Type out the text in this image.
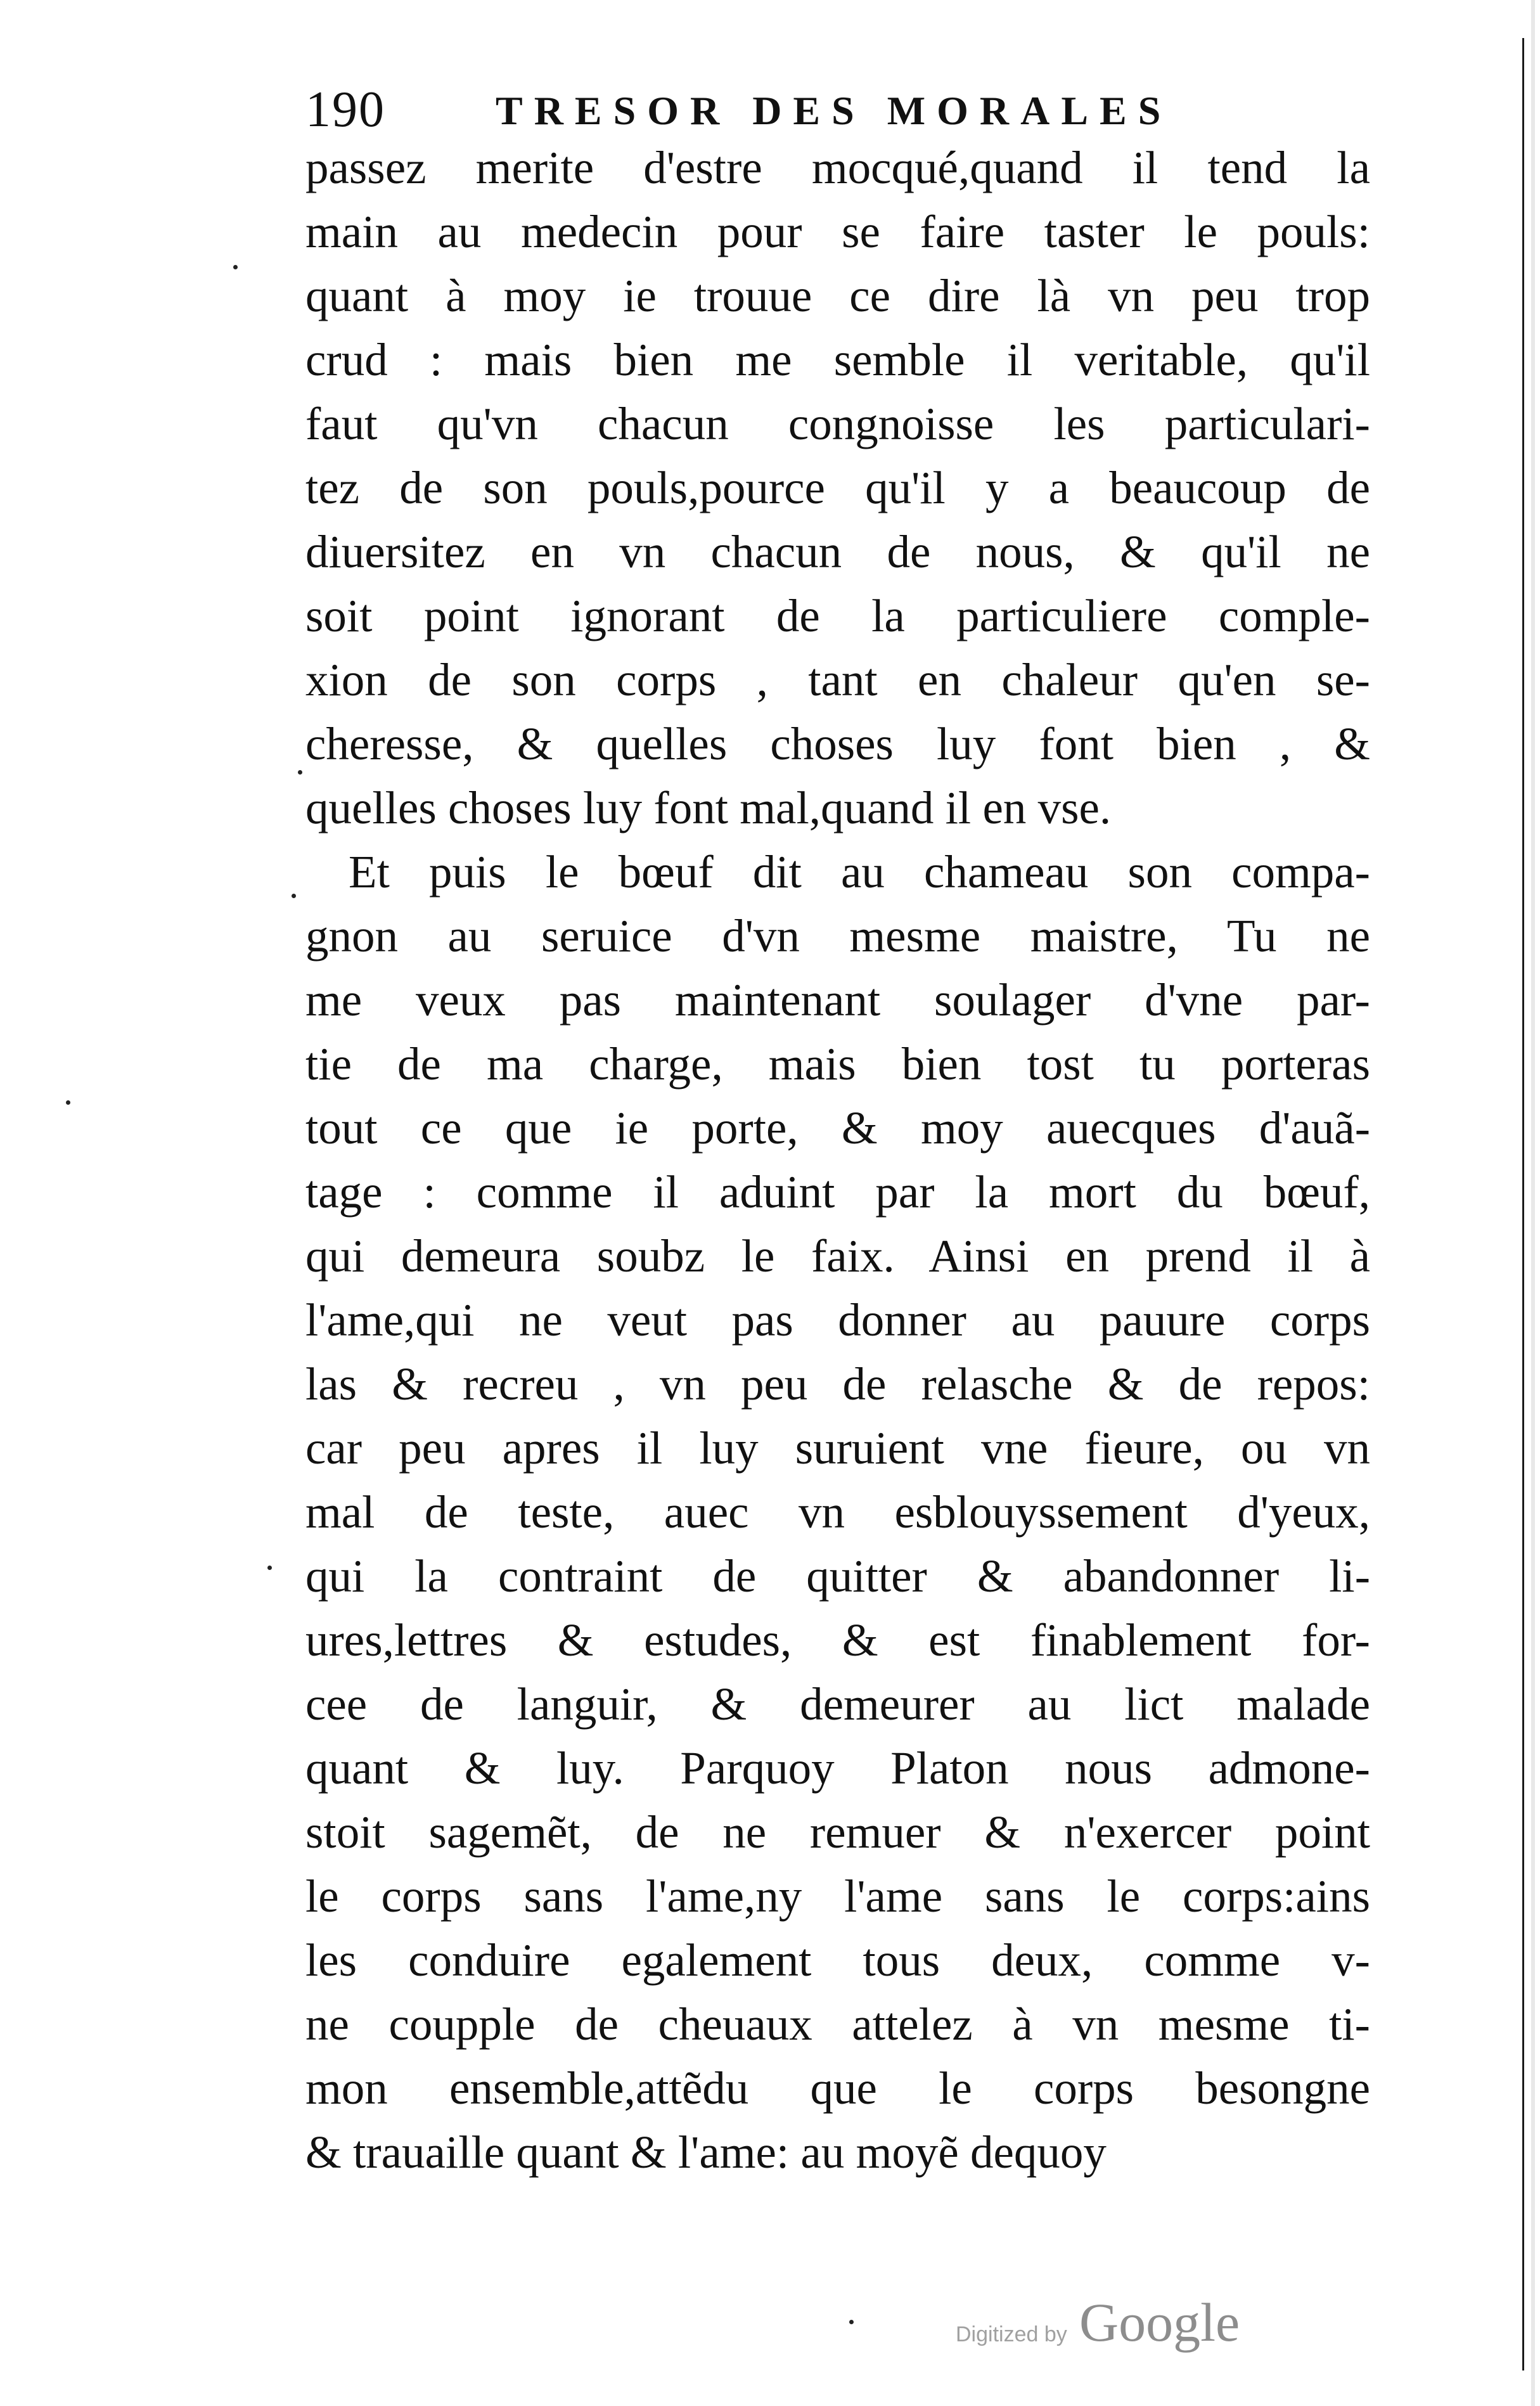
190	TRESOR DES MORALES
passez merite d'estre mocqué,quand il tend la
main au medecin pour se faire taster le pouls:
quant à moy ie trouue ce dire là vn peu trop
crud : mais bien me semble il veritable, qu'il
faut qu'vn chacun congnoisse les particulari-
tez de son pouls,pource qu'il y a beaucoup de
diuersitez en vn chacun de nous, & qu'il ne
soit point ignorant de la particuliere comple-
xion de son corps , tant en chaleur qu'en se-
cheresse, & quelles choses luy font bien , &
quelles choses luy font mal,quand il en vse.
Et puis le bœuf dit au chameau son compa-
gnon au seruice d'vn mesme maistre, Tu ne
me veux pas maintenant soulager d'vne par-
tie de ma charge, mais bien tost tu porteras
tout ce que ie porte, & moy auecques d'auã-
tage : comme il aduint par la mort du bœuf,
qui demeura soubz le faix. Ainsi en prend il à
l'ame,qui ne veut pas donner au pauure corps
las & recreu , vn peu de relasche & de repos:
car peu apres il luy suruient vne fieure, ou vn
mal de teste, auec vn esblouyssement d'yeux,
qui la contraint de quitter & abandonner li-
ures,lettres & estudes, & est finablement for-
cee de languir, & demeurer au lict malade
quant & luy. Parquoy Platon nous admone-
stoit sagemẽt, de ne remuer & n'exercer point
le corps sans l'ame,ny l'ame sans le corps:ains
les conduire egalement tous deux, comme v-
ne coupple de cheuaux attelez à vn mesme ti-
mon ensemble,attẽdu que le corps besongne
& trauaille quant & l'ame: au moyẽ dequoy
Digitized by Google
